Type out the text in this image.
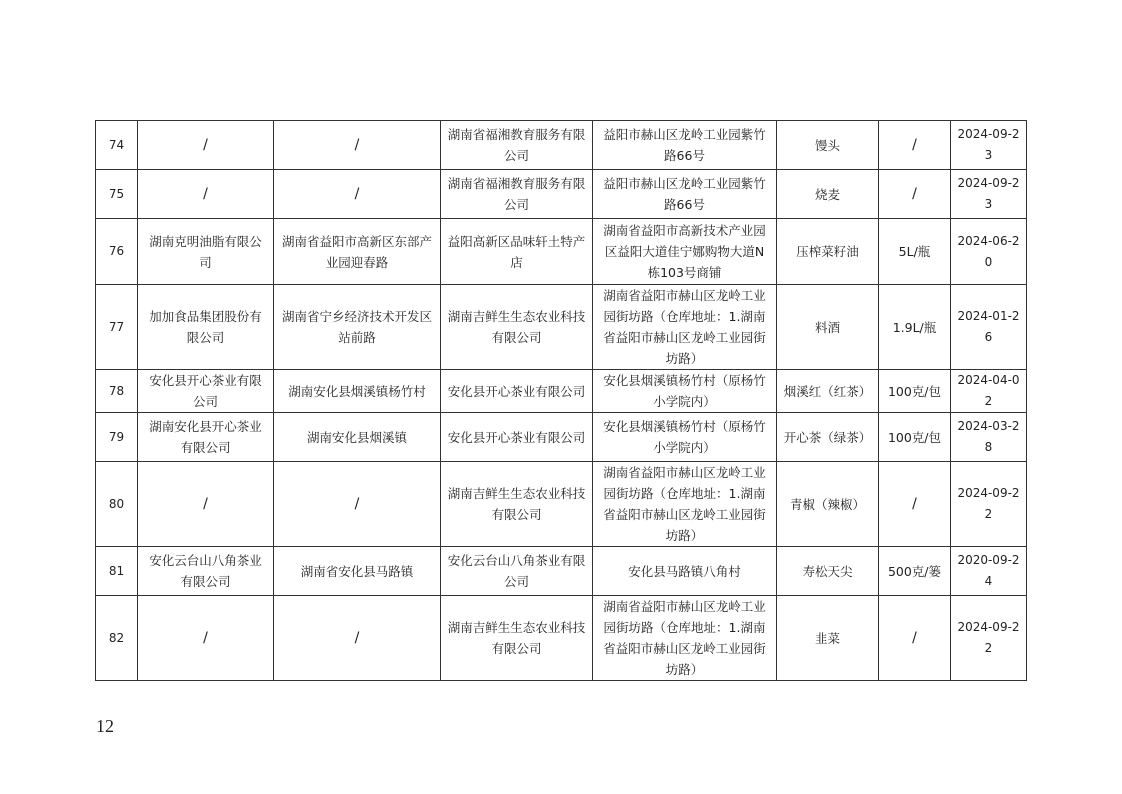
74	/	/	湖南省福湘教育服务有限公司	益阳市赫山区龙岭工业园紫竹路66号	馒头	/	2024-09-23
75	/	/	湖南省福湘教育服务有限公司	益阳市赫山区龙岭工业园紫竹路66号	烧麦	/	2024-09-23
76	湖南克明油脂有限公司	湖南省益阳市高新区东部产业园迎春路	益阳高新区品味轩土特产店	湖南省益阳市高新技术产业园区益阳大道佳宁娜购物大道N栋103号商铺	压榨菜籽油	5L/瓶	2024-06-20
77	加加食品集团股份有限公司	湖南省宁乡经济技术开发区站前路	湖南吉鲜生生态农业科技有限公司	湖南省益阳市赫山区龙岭工业园街坊路（仓库地址：1.湖南省益阳市赫山区龙岭工业园街坊路）	料酒	1.9L/瓶	2024-01-26
78	安化县开心茶业有限公司	湖南安化县烟溪镇杨竹村	安化县开心茶业有限公司	安化县烟溪镇杨竹村（原杨竹小学院内）	烟溪红（红茶）	100克/包	2024-04-02
79	湖南安化县开心茶业有限公司	湖南安化县烟溪镇	安化县开心茶业有限公司	安化县烟溪镇杨竹村（原杨竹小学院内）	开心茶（绿茶）	100克/包	2024-03-28
80	/	/	湖南吉鲜生生态农业科技有限公司	湖南省益阳市赫山区龙岭工业园街坊路（仓库地址：1.湖南省益阳市赫山区龙岭工业园街坊路）	青椒（辣椒）	/	2024-09-22
81	安化云台山八角茶业有限公司	湖南省安化县马路镇	安化云台山八角茶业有限公司	安化县马路镇八角村	寿松天尖	500克/篓	2020-09-24
82	/	/	湖南吉鲜生生态农业科技有限公司	湖南省益阳市赫山区龙岭工业园街坊路（仓库地址：1.湖南省益阳市赫山区龙岭工业园街坊路）	韭菜	/	2024-09-22
12
